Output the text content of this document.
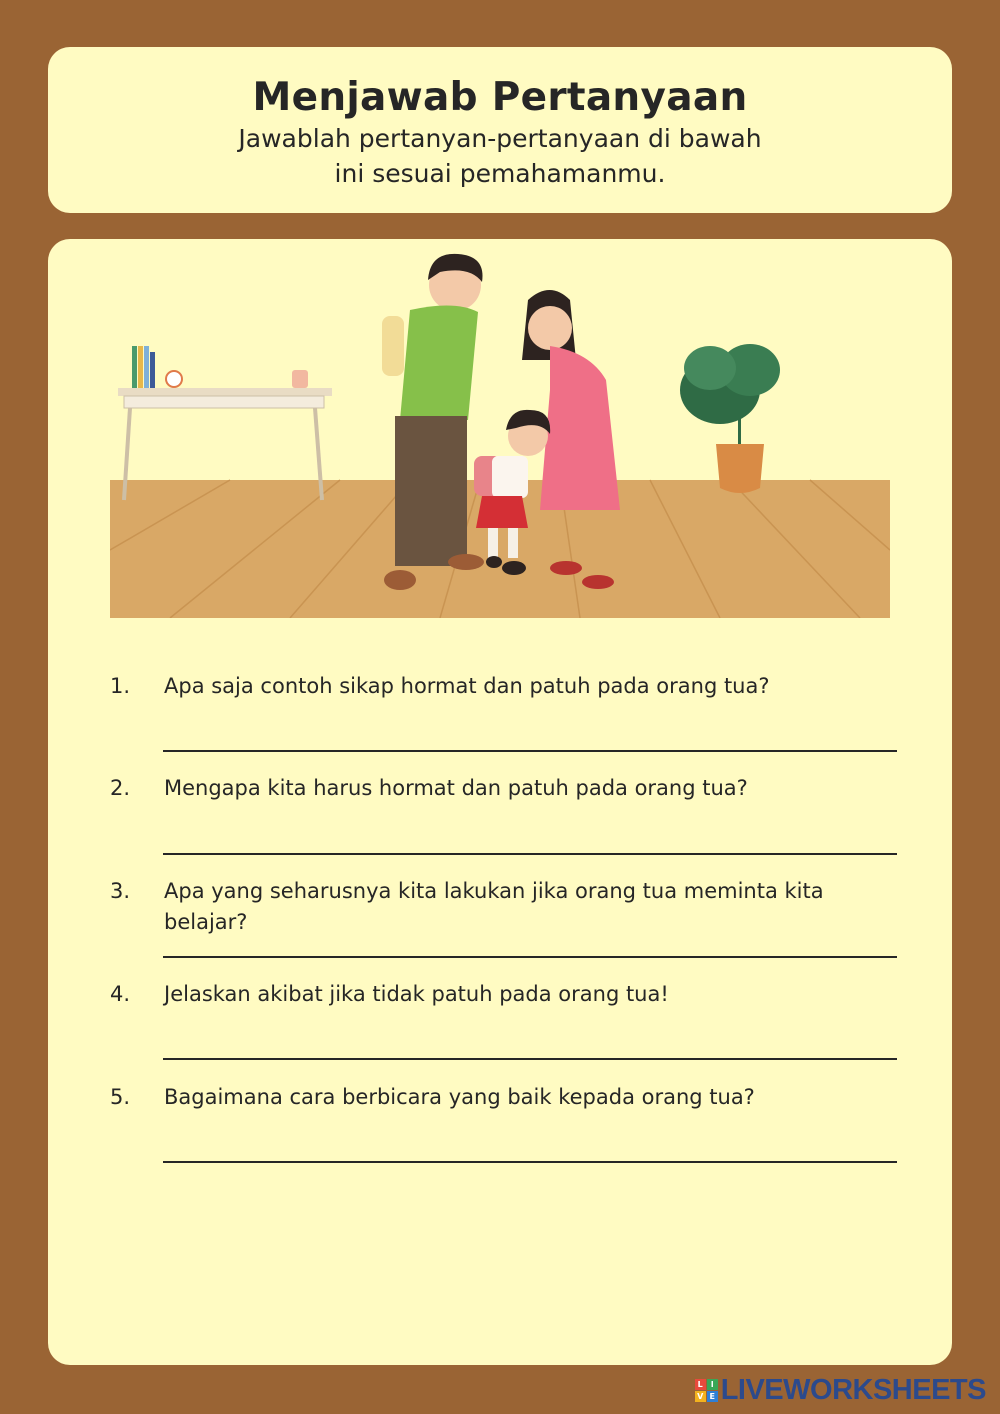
Menjawab Pertanyaan
Jawablah pertanyan-pertanyaan di bawah ini sesuai pemahamanmu.
1. Apa saja contoh sikap hormat dan patuh pada orang tua?
2. Mengapa kita harus hormat dan patuh pada orang tua?
3. Apa yang seharusnya kita lakukan jika orang tua meminta kita belajar?
4. Jelaskan akibat jika tidak patuh pada orang tua!
5. Bagaimana cara berbicara yang baik kepada orang tua?
L I
V E LIVEWORKSHEETS
